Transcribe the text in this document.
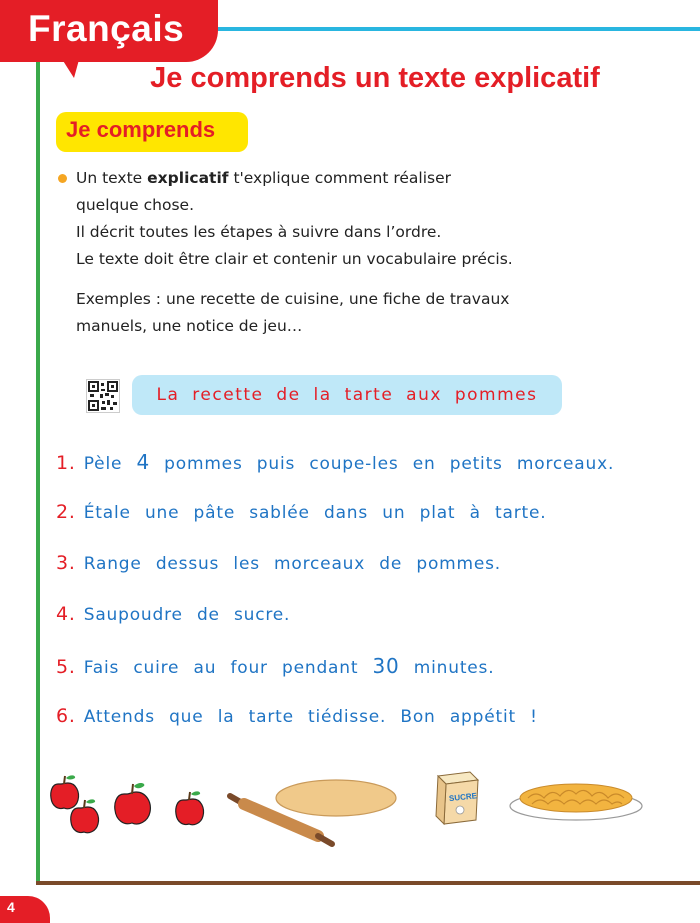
Français
Je comprends un texte explicatif
Je comprends
Un texte explicatif t'explique comment réaliser
quelque chose.
Il décrit toutes les étapes à suivre dans l’ordre.
Le texte doit être clair et contenir un vocabulaire précis.
Exemples : une recette de cuisine, une fiche de travaux
manuels, une notice de jeu…
La recette de la tarte aux pommes
1. Pèle 4 pommes puis coupe-les en petits morceaux.
2. Étale une pâte sablée dans un plat à tarte.
3. Range dessus les morceaux de pommes.
4. Saupoudre de sucre.
5. Fais cuire au four pendant 30 minutes.
6. Attends que la tarte tiédisse. Bon appétit !
SUCRE
4
